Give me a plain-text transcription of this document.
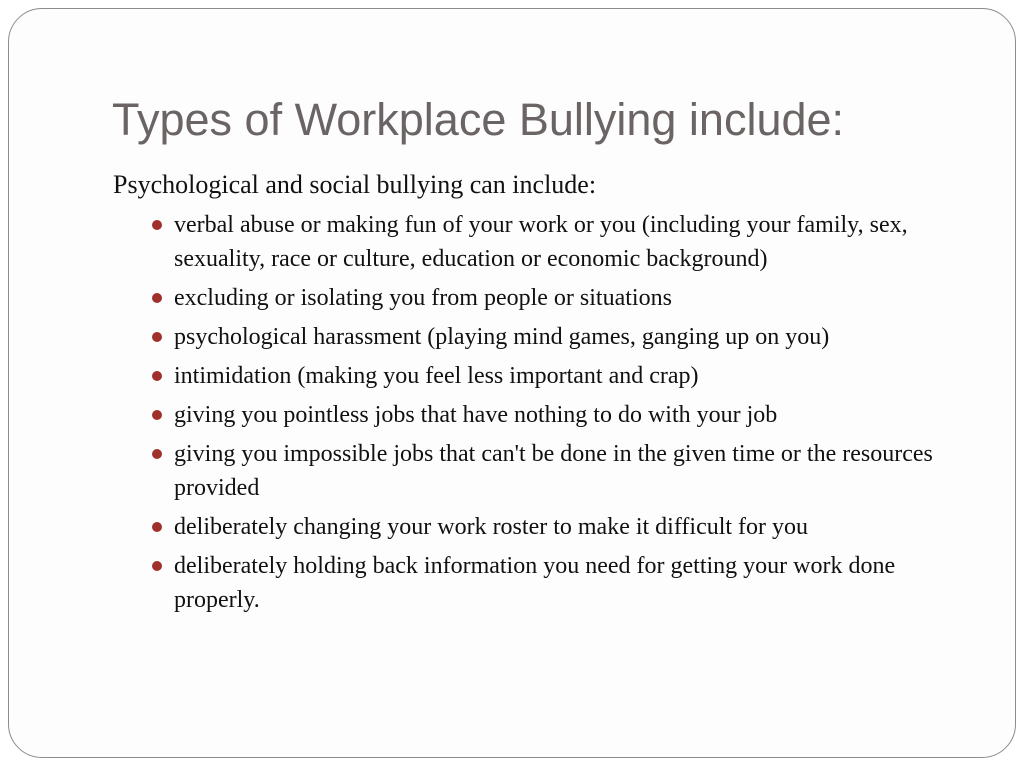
Types of Workplace Bullying include:

Psychological and social bullying can include:

verbal abuse or making fun of your work or you (including your family, sex, sexuality, race or culture, education or economic background)
excluding or isolating you from people or situations
psychological harassment (playing mind games, ganging up on you)
intimidation (making you feel less important and crap)
giving you pointless jobs that have nothing to do with your job
giving you impossible jobs that can't be done in the given time or the resources provided
deliberately changing your work roster to make it difficult for you
deliberately holding back information you need for getting your work done properly.
